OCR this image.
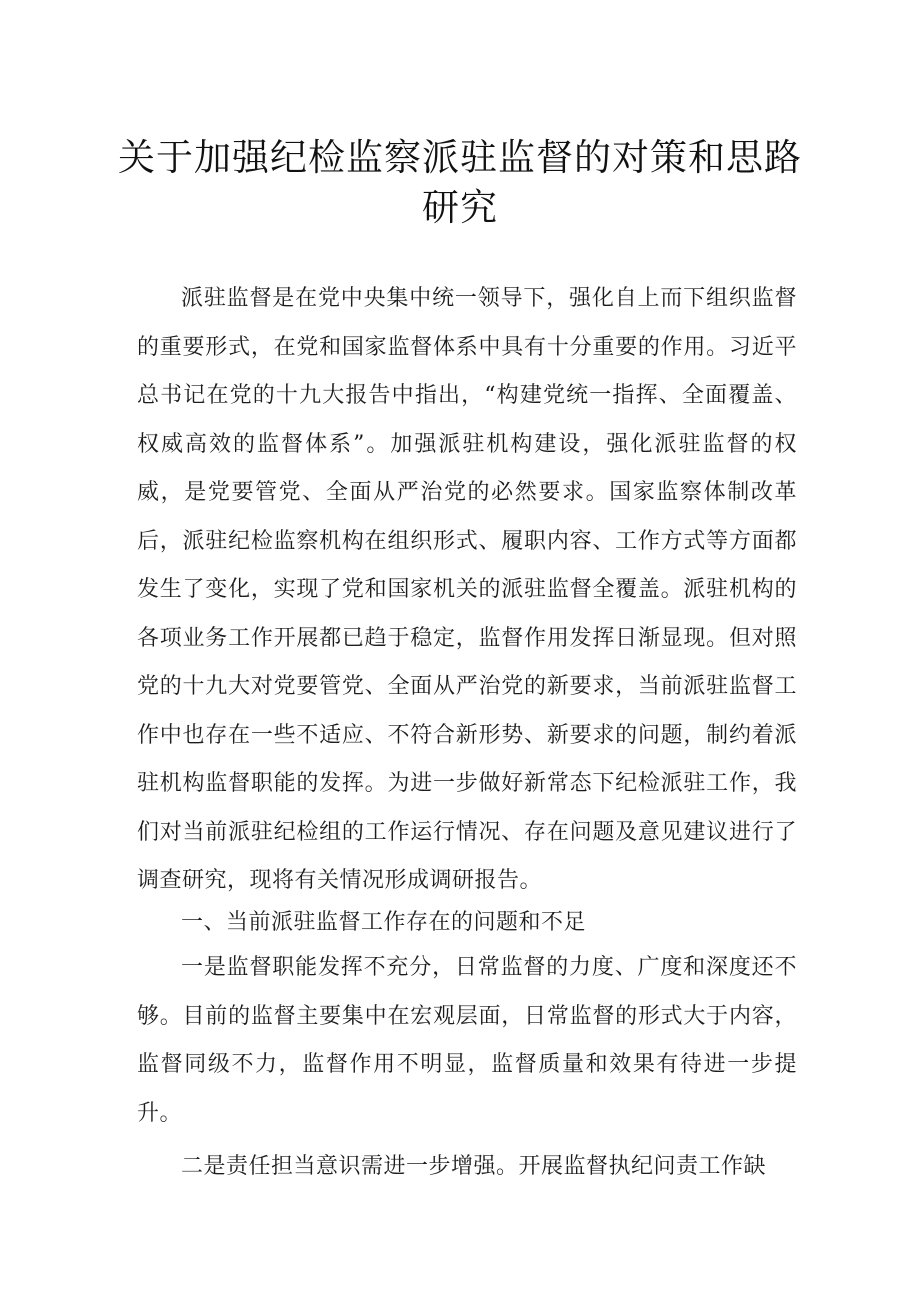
关于加强纪检监察派驻监督的对策和思路
研究

派驻监督是在党中央集中统一领导下，强化自上而下组织监督的重要形式，在党和国家监督体系中具有十分重要的作用。习近平总书记在党的十九大报告中指出，“构建党统一指挥、全面覆盖、权威高效的监督体系”。加强派驻机构建设，强化派驻监督的权威，是党要管党、全面从严治党的必然要求。国家监察体制改革后，派驻纪检监察机构在组织形式、履职内容、工作方式等方面都发生了变化，实现了党和国家机关的派驻监督全覆盖。派驻机构的各项业务工作开展都已趋于稳定，监督作用发挥日渐显现。但对照党的十九大对党要管党、全面从严治党的新要求，当前派驻监督工作中也存在一些不适应、不符合新形势、新要求的问题，制约着派驻机构监督职能的发挥。为进一步做好新常态下纪检派驻工作，我们对当前派驻纪检组的工作运行情况、存在问题及意见建议进行了调查研究，现将有关情况形成调研报告。

一、当前派驻监督工作存在的问题和不足

一是监督职能发挥不充分，日常监督的力度、广度和深度还不够。目前的监督主要集中在宏观层面，日常监督的形式大于内容，监督同级不力，监督作用不明显，监督质量和效果有待进一步提升。

二是责任担当意识需进一步增强。开展监督执纪问责工作缺
